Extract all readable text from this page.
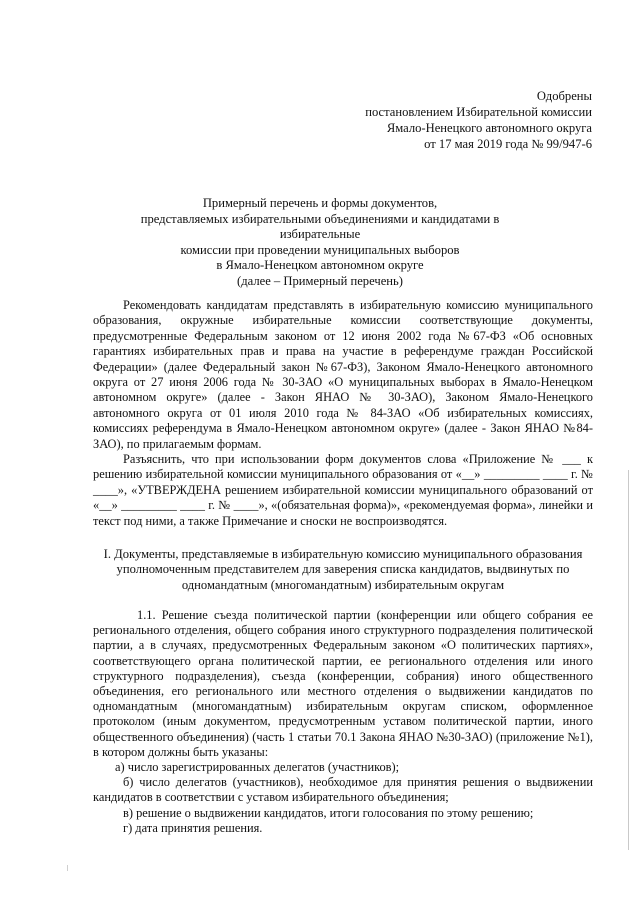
Одобрены
постановлением Избирательной комиссии
Ямало-Ненецкого автономного округа
от 17 мая 2019 года № 99/947-6
Примерный перечень и формы документов,
представляемых избирательными объединениями и кандидатами в избирательные
комиссии при проведении муниципальных выборов
в Ямало-Ненецком автономном округе
(далее – Примерный перечень)

Рекомендовать кандидатам представлять в избирательную комиссию муниципального образования, окружные избирательные комиссии соответствующие документы, предусмотренные Федеральным законом от 12 июня 2002 года №67-ФЗ «Об основных гарантиях избирательных прав и права на участие в референдуме граждан Российской Федерации» (далее Федеральный закон №67-ФЗ), Законом Ямало-Ненецкого автономного округа от 27 июня 2006 года № 30-ЗАО «О муниципальных выборах в Ямало-Ненецком автономном округе» (далее - Закон ЯНАО № 30-ЗАО), Законом Ямало-Ненецкого автономного округа от 01 июля 2010 года № 84-ЗАО «Об избирательных комиссиях, комиссиях референдума в Ямало-Ненецком автономном округе» (далее - Закон ЯНАО №84-ЗАО), по прилагаемым формам.

Разъяснить, что при использовании форм документов слова «Приложение № ___ к решению избирательной комиссии муниципального образования от «__» _________ ____ г. № ____», «УТВЕРЖДЕНА решением избирательной комиссии муниципального образований от «__» _________ ____ г. № ____», «(обязательная форма)», «рекомендуемая форма», линейки и текст под ними, а также Примечание и сноски не воспроизводятся.

I. Документы, представляемые в избирательную комиссию муниципального образования
уполномоченным представителем для заверения списка кандидатов, выдвинутых по
одномандатным (многомандатным) избирательным округам

1.1. Решение съезда политической партии (конференции или общего собрания ее регионального отделения, общего собрания иного структурного подразделения политической партии, а в случаях, предусмотренных Федеральным законом «О политических партиях», соответствующего органа политической партии, ее регионального отделения или иного структурного подразделения), съезда (конференции, собрания) иного общественного объединения, его регионального или местного отделения о выдвижении кандидатов по одномандатным (многомандатным) избирательным округам списком, оформленное протоколом (иным документом, предусмотренным уставом политической партии, иного общественного объединения) (часть 1 статьи 70.1 Закона ЯНАО №30-ЗАО) (приложение №1), в котором должны быть указаны:

а) число зарегистрированных делегатов (участников);

б) число делегатов (участников), необходимое для принятия решения о выдвижении кандидатов в соответствии с уставом избирательного объединения;

в) решение о выдвижении кандидатов, итоги голосования по этому решению;

г) дата принятия решения.
